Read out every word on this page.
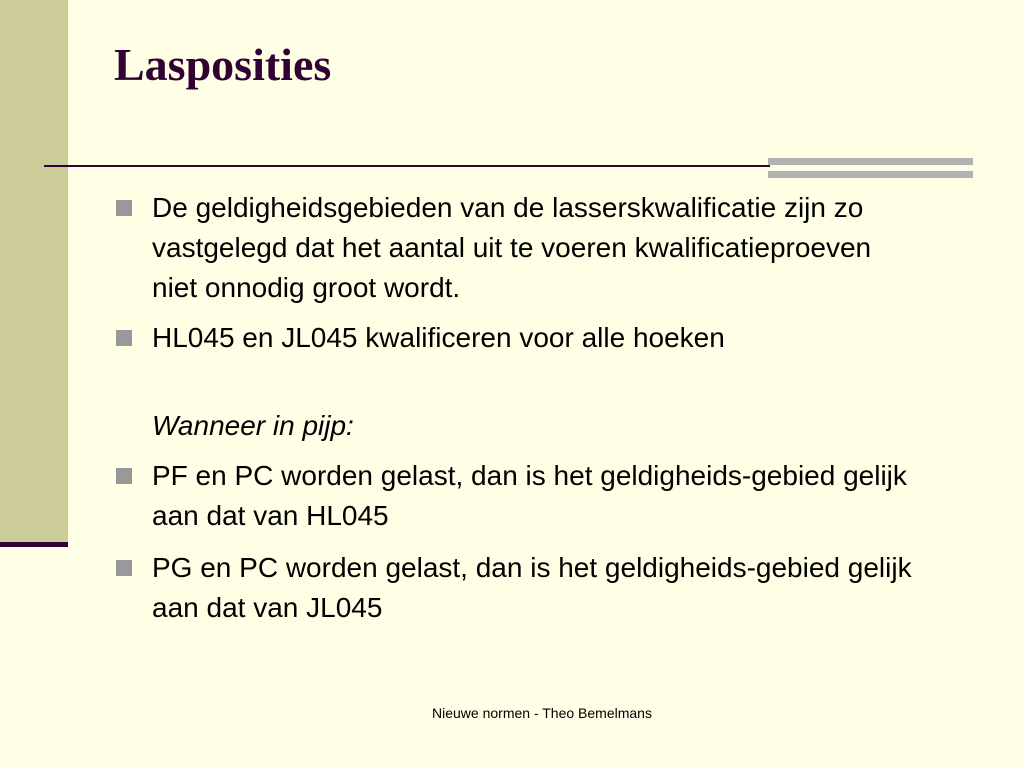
Lasposities
De geldigheidsgebieden van de lasserskwalificatie zijn zo vastgelegd dat het aantal uit te voeren kwalificatieproeven niet onnodig groot wordt.
HL045 en JL045 kwalificeren voor alle hoeken
Wanneer in pijp:
PF en PC worden gelast, dan is het geldigheids-gebied gelijk aan dat van HL045
PG en PC worden gelast, dan is het geldigheids-gebied gelijk aan dat van JL045
Nieuwe normen - Theo Bemelmans
